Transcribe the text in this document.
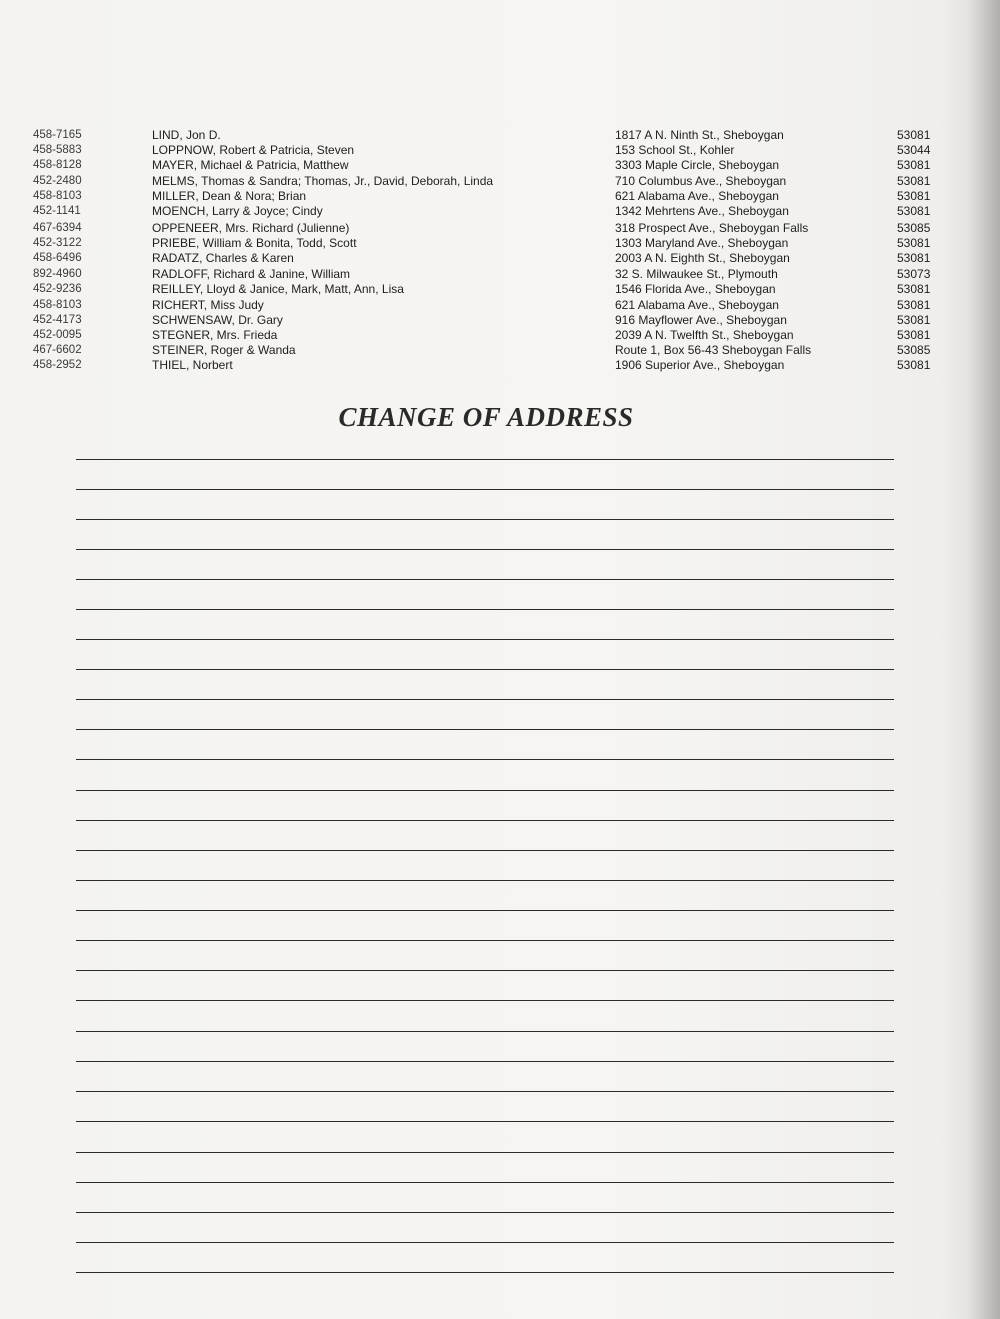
458-7165	LIND, Jon D.	1817 A N. Ninth St., Sheboygan	53081
458-5883	LOPPNOW, Robert & Patricia, Steven	153 School St., Kohler	53044
458-8128	MAYER, Michael & Patricia, Matthew	3303 Maple Circle, Sheboygan	53081
452-2480	MELMS, Thomas & Sandra; Thomas, Jr., David, Deborah, Linda	710 Columbus Ave., Sheboygan	53081
458-8103	MILLER, Dean & Nora; Brian	621 Alabama Ave., Sheboygan	53081
452-1141	MOENCH, Larry & Joyce; Cindy	1342 Mehrtens Ave., Sheboygan	53081
467-6394	OPPENEER, Mrs. Richard (Julienne)	318 Prospect Ave., Sheboygan Falls	53085
452-3122	PRIEBE, William & Bonita, Todd, Scott	1303 Maryland Ave., Sheboygan	53081
458-6496	RADATZ, Charles & Karen	2003 A N. Eighth St., Sheboygan	53081
892-4960	RADLOFF, Richard & Janine, William	32 S. Milwaukee St., Plymouth	53073
452-9236	REILLEY, Lloyd & Janice, Mark, Matt, Ann, Lisa	1546 Florida Ave., Sheboygan	53081
458-8103	RICHERT, Miss Judy	621 Alabama Ave., Sheboygan	53081
452-4173	SCHWENSAW, Dr. Gary	916 Mayflower Ave., Sheboygan	53081
452-0095	STEGNER, Mrs. Frieda	2039 A N. Twelfth St., Sheboygan	53081
467-6602	STEINER, Roger & Wanda	Route 1, Box 56-43 Sheboygan Falls	53085
458-2952	THIEL, Norbert	1906 Superior Ave., Sheboygan	53081
CHANGE OF ADDRESS
